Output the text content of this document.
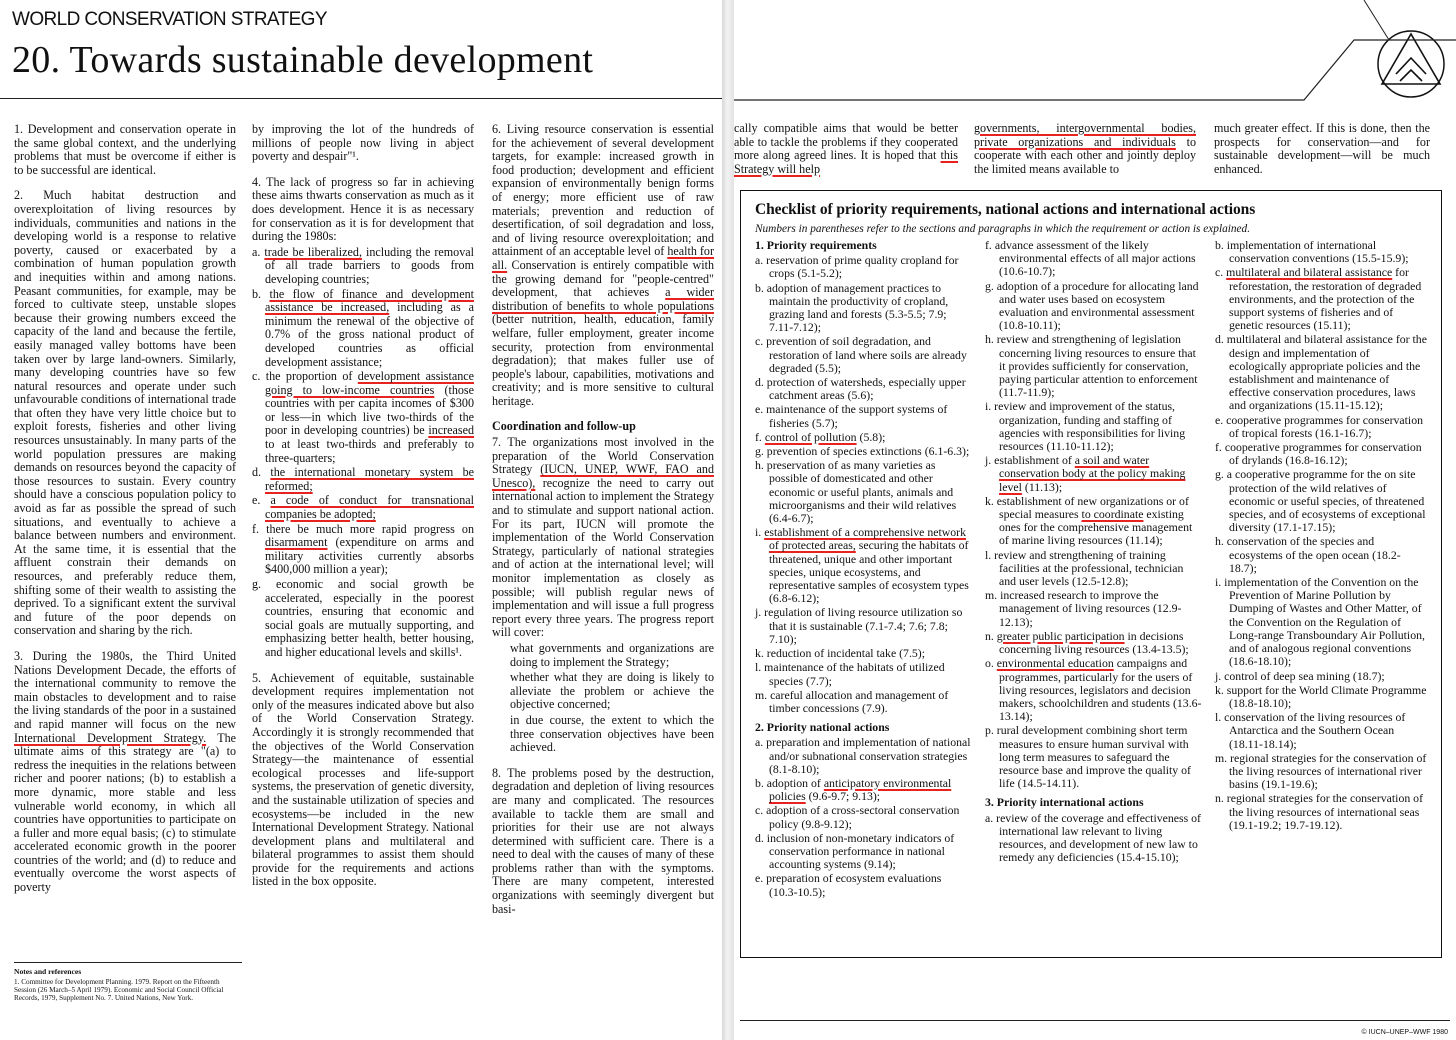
WORLD CONSERVATION STRATEGY
20. Towards sustainable development

1. Development and conservation operate in the same global context, and the underlying problems that must be overcome if either is to be successful are identical.

2. Much habitat destruction and overexploitation of living resources by individuals, communities and nations in the developing world is a response to relative poverty, caused or exacerbated by a combination of human population growth and inequities within and among nations. Peasant communities, for example, may be forced to cultivate steep, unstable slopes because their growing numbers exceed the capacity of the land and because the fertile, easily managed valley bottoms have been taken over by large land-owners. Similarly, many developing countries have so few natural resources and operate under such unfavourable conditions of international trade that often they have very little choice but to exploit forests, fisheries and other living resources unsustainably. In many parts of the world population pressures are making demands on resources beyond the capacity of those resources to sustain. Every country should have a conscious population policy to avoid as far as possible the spread of such situations, and eventually to achieve a balance between numbers and environment. At the same time, it is essential that the affluent constrain their demands on resources, and preferably reduce them, shifting some of their wealth to assisting the deprived. To a significant extent the survival and future of the poor depends on conservation and sharing by the rich.

3. During the 1980s, the Third United Nations Development Decade, the efforts of the international community to remove the main obstacles to development and to raise the living standards of the poor in a sustained and rapid manner will focus on the new International Development Strategy. The ultimate aims of this strategy are "(a) to redress the inequities in the relations between richer and poorer nations; (b) to establish a more dynamic, more stable and less vulnerable world economy, in which all countries have opportunities to participate on a fuller and more equal basis; (c) to stimulate accelerated economic growth in the poorer countries of the world; and (d) to reduce and eventually overcome the worst aspects of poverty

by improving the lot of the hundreds of millions of people now living in abject poverty and despair"¹.

4. The lack of progress so far in achieving these aims thwarts conservation as much as it does development. Hence it is as necessary for conservation as it is for development that during the 1980s:

a. trade be liberalized, including the removal of all trade barriers to goods from developing countries;
b. the flow of finance and development assistance be increased, including as a minimum the renewal of the objective of 0.7% of the gross national product of developed countries as official development assistance;
c. the proportion of development assistance going to low-income countries (those countries with per capita incomes of $300 or less—in which live two-thirds of the poor in developing countries) be increased to at least two-thirds and preferably to three-quarters;
d. the international monetary system be reformed;
e. a code of conduct for transnational companies be adopted;
f. there be much more rapid progress on disarmament (expenditure on arms and military activities currently absorbs $400,000 million a year);
g. economic and social growth be accelerated, especially in the poorest countries, ensuring that economic and social goals are mutually supporting, and emphasizing better health, better housing, and higher educational levels and skills¹.

5. Achievement of equitable, sustainable development requires implementation not only of the measures indicated above but also of the World Conservation Strategy. Accordingly it is strongly recommended that the objectives of the World Conservation Strategy—the maintenance of essential ecological processes and life-support systems, the preservation of genetic diversity, and the sustainable utilization of species and ecosystems—be included in the new International Development Strategy. National development plans and multilateral and bilateral programmes to assist them should provide for the requirements and actions listed in the box opposite.

6. Living resource conservation is essential for the achievement of several development targets, for example: increased growth in food production; development and efficient expansion of environmentally benign forms of energy; more efficient use of raw materials; prevention and reduction of desertification, of soil degradation and loss, and of living resource overexploitation; and attainment of an acceptable level of health for all. Conservation is entirely compatible with the growing demand for "people-centred" development, that achieves a wider distribution of benefits to whole populations (better nutrition, health, education, family welfare, fuller employment, greater income security, protection from environmental degradation); that makes fuller use of people's labour, capabilities, motivations and creativity; and is more sensitive to cultural heritage.

Coordination and follow-up

7. The organizations most involved in the preparation of the World Conservation Strategy (IUCN, UNEP, WWF, FAO and Unesco), recognize the need to carry out international action to implement the Strategy and to stimulate and support national action. For its part, IUCN will promote the implementation of the World Conservation Strategy, particularly of national strategies and of action at the international level; will monitor implementation as closely as possible; will publish regular news of implementation and will issue a full progress report every three years. The progress report will cover:

what governments and organizations are doing to implement the Strategy;
whether what they are doing is likely to alleviate the problem or achieve the objective concerned;
in due course, the extent to which the three conservation objectives have been achieved.

8. The problems posed by the destruction, degradation and depletion of living resources are many and complicated. The resources available to tackle them are small and priorities for their use are not always determined with sufficient care. There is a need to deal with the causes of many of these problems rather than with the symptoms. There are many competent, interested organizations with seemingly divergent but basi-

Notes and references
1. Committee for Development Planning. 1979. Report on the Fifteenth Session (26 March–5 April 1979). Economic and Social Council Official Records, 1979, Supplement No. 7. United Nations, New York.

cally compatible aims that would be better able to tackle the problems if they cooperated more along agreed lines. It is hoped that this Strategy will help

governments, intergovernmental bodies, private organizations and individuals to cooperate with each other and jointly deploy the limited means available to

much greater effect. If this is done, then the prospects for conservation—and for sustainable development—will be much enhanced.

Checklist of priority requirements, national actions and international actions
Numbers in parentheses refer to the sections and paragraphs in which the requirement or action is explained.
1. Priority requirements
a. reservation of prime quality cropland for crops (5.1-5.2);
b. adoption of management practices to maintain the productivity of cropland, grazing land and forests (5.3-5.5; 7.9; 7.11-7.12);
c. prevention of soil degradation, and restoration of land where soils are already degraded (5.5);
d. protection of watersheds, especially upper catchment areas (5.6);
e. maintenance of the support systems of fisheries (5.7);
f. control of pollution (5.8);
g. prevention of species extinctions (6.1-6.3);
h. preservation of as many varieties as possible of domesticated and other economic or useful plants, animals and microorganisms and their wild relatives (6.4-6.7);
i. establishment of a comprehensive network of protected areas, securing the habitats of threatened, unique and other important species, unique ecosystems, and representative samples of ecosystem types (6.8-6.12);
j. regulation of living resource utilization so that it is sustainable (7.1-7.4; 7.6; 7.8; 7.10);
k. reduction of incidental take (7.5);
l. maintenance of the habitats of utilized species (7.7);
m. careful allocation and management of timber concessions (7.9).
2. Priority national actions
a. preparation and implementation of national and/or subnational conservation strategies (8.1-8.10);
b. adoption of anticipatory environmental policies (9.6-9.7; 9.13);
c. adoption of a cross-sectoral conservation policy (9.8-9.12);
d. inclusion of non-monetary indicators of conservation performance in national accounting systems (9.14);
e. preparation of ecosystem evaluations (10.3-10.5);
f. advance assessment of the likely environmental effects of all major actions (10.6-10.7);
g. adoption of a procedure for allocating land and water uses based on ecosystem evaluation and environmental assessment (10.8-10.11);
h. review and strengthening of legislation concerning living resources to ensure that it provides sufficiently for conservation, paying particular attention to enforcement (11.7-11.9);
i. review and improvement of the status, organization, funding and staffing of agencies with responsibilities for living resources (11.10-11.12);
j. establishment of a soil and water conservation body at the policy making level (11.13);
k. establishment of new organizations or of special measures to coordinate existing ones for the comprehensive management of marine living resources (11.14);
l. review and strengthening of training facilities at the professional, technician and user levels (12.5-12.8);
m. increased research to improve the management of living resources (12.9-12.13);
n. greater public participation in decisions concerning living resources (13.4-13.5);
o. environmental education campaigns and programmes, particularly for the users of living resources, legislators and decision makers, schoolchildren and students (13.6-13.14);
p. rural development combining short term measures to ensure human survival with long term measures to safeguard the resource base and improve the quality of life (14.5-14.11).
3. Priority international actions
a. review of the coverage and effectiveness of international law relevant to living resources, and development of new law to remedy any deficiencies (15.4-15.10);
b. implementation of international conservation conventions (15.5-15.9);
c. multilateral and bilateral assistance for reforestation, the restoration of degraded environments, and the protection of the support systems of fisheries and of genetic resources (15.11);
d. multilateral and bilateral assistance for the design and implementation of ecologically appropriate policies and the establishment and maintenance of effective conservation procedures, laws and organizations (15.11-15.12);
e. cooperative programmes for conservation of tropical forests (16.1-16.7);
f. cooperative programmes for conservation of drylands (16.8-16.12);
g. a cooperative programme for the on site protection of the wild relatives of economic or useful species, of threatened species, and of ecosystems of exceptional diversity (17.1-17.15);
h. conservation of the species and ecosystems of the open ocean (18.2-18.7);
i. implementation of the Convention on the Prevention of Marine Pollution by Dumping of Wastes and Other Matter, of the Convention on the Regulation of Long-range Transboundary Air Pollution, and of analogous regional conventions (18.6-18.10);
j. control of deep sea mining (18.7);
k. support for the World Climate Programme (18.8-18.10);
l. conservation of the living resources of Antarctica and the Southern Ocean (18.11-18.14);
m. regional strategies for the conservation of the living resources of international river basins (19.1-19.6);
n. regional strategies for the conservation of the living resources of international seas (19.1-19.2; 19.7-19.12).
© IUCN–UNEP–WWF 1980
